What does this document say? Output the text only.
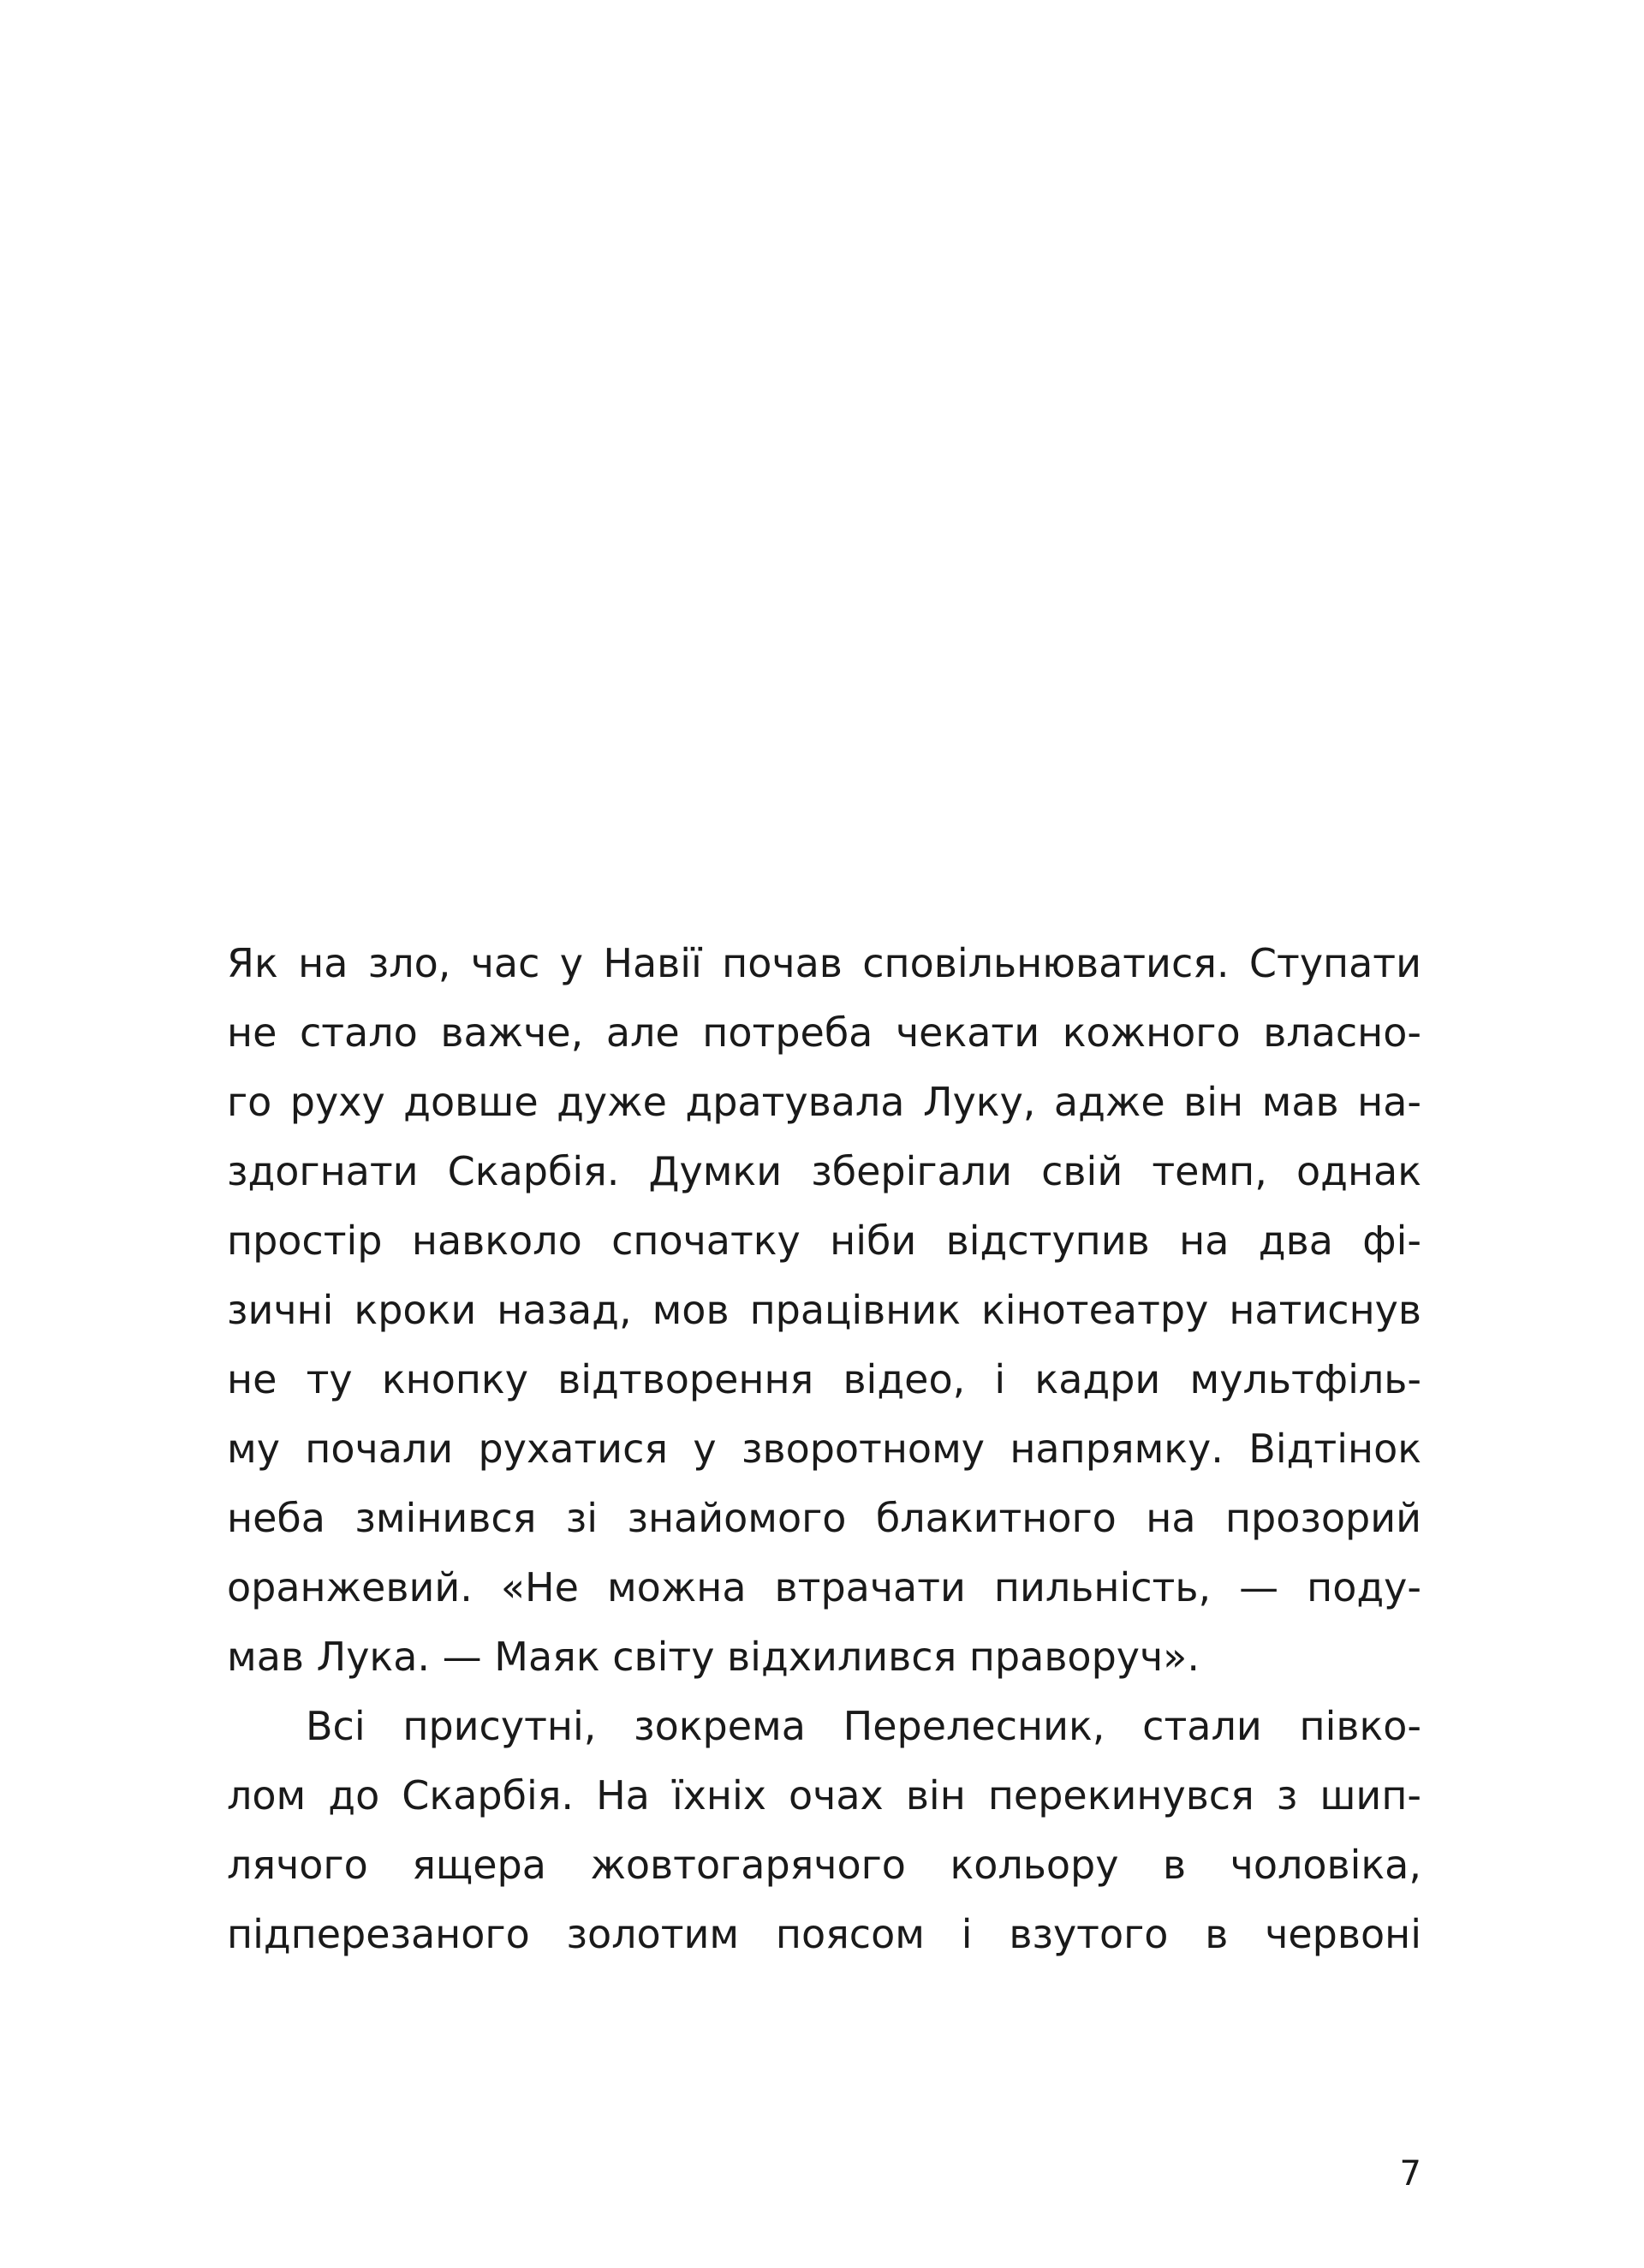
Як на зло, час у Навії почав сповільнюватися. Ступати
не стало важче, але потреба чекати кожного власно-
го руху довше дуже дратувала Луку, адже він мав на-
здогнати Скарбія. Думки зберігали свій темп, однак
простір навколо спочатку ніби відступив на два фі-
зичні кроки назад, мов працівник кінотеатру натиснув
не ту кнопку відтворення відео, і кадри мультфіль-
му почали рухатися у зворотному напрямку. Відтінок
неба змінився зі знайомого блакитного на прозорий
оранжевий. «Не можна втрачати пильність, — поду-
мав Лука. — Маяк світу відхилився праворуч».
Всі присутні, зокрема Перелесник, стали півко-
лом до Скарбія. На їхніх очах він перекинувся з шип-
лячого ящера жовтогарячого кольору в чоловіка,
підперезаного золотим поясом і взутого в червоні
7
